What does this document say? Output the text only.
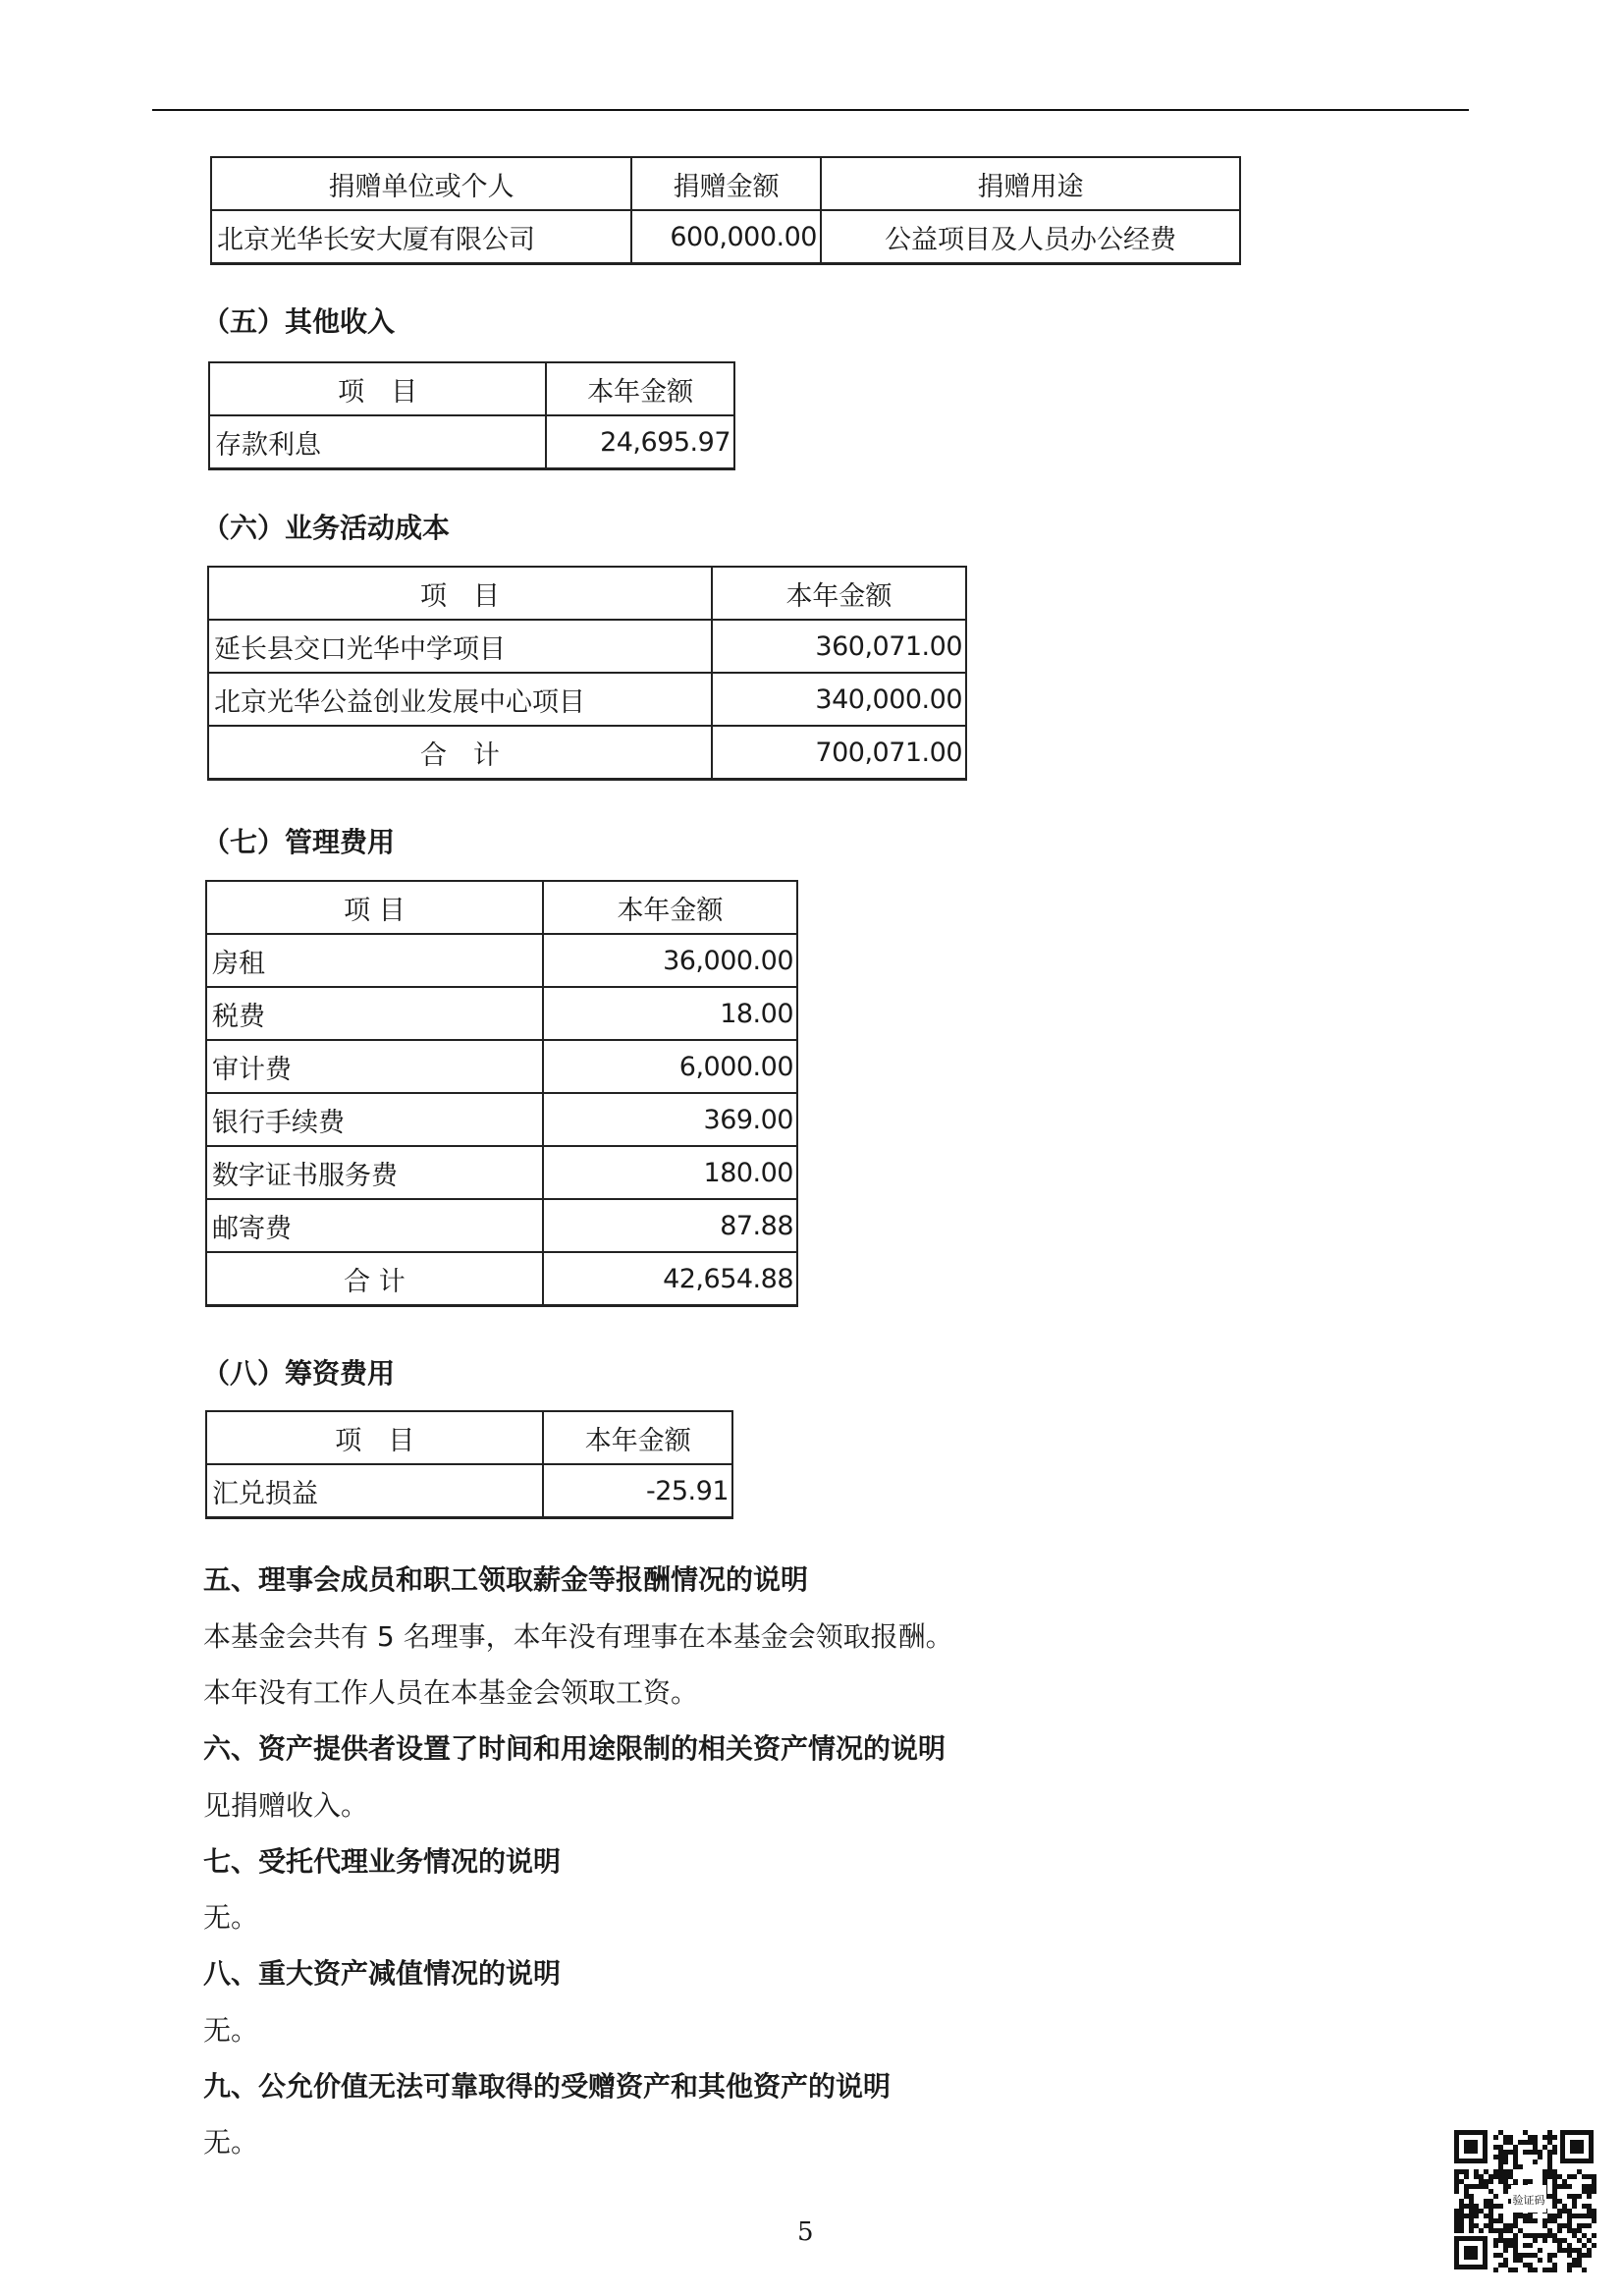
捐赠单位或个人	捐赠金额	捐赠用途
北京光华长安大厦有限公司	600,000.00	公益项目及人员办公经费
（五）其他收入
项　目	本年金额
存款利息	24,695.97
（六）业务活动成本
项　目	本年金额
延长县交口光华中学项目	360,071.00
北京光华公益创业发展中心项目	340,000.00
合　计	700,071.00
（七）管理费用
项 目	本年金额
房租	36,000.00
税费	18.00
审计费	6,000.00
银行手续费	369.00
数字证书服务费	180.00
邮寄费	87.88
合 计	42,654.88
（八）筹资费用
项　目	本年金额
汇兑损益	-25.91
五、理事会成员和职工领取薪金等报酬情况的说明
本基金会共有 5 名理事，本年没有理事在本基金会领取报酬。
本年没有工作人员在本基金会领取工资。
六、资产提供者设置了时间和用途限制的相关资产情况的说明
见捐赠收入。
七、受托代理业务情况的说明
无。
八、重大资产减值情况的说明
无。
九、公允价值无法可靠取得的受赠资产和其他资产的说明
无。
5
验证码
